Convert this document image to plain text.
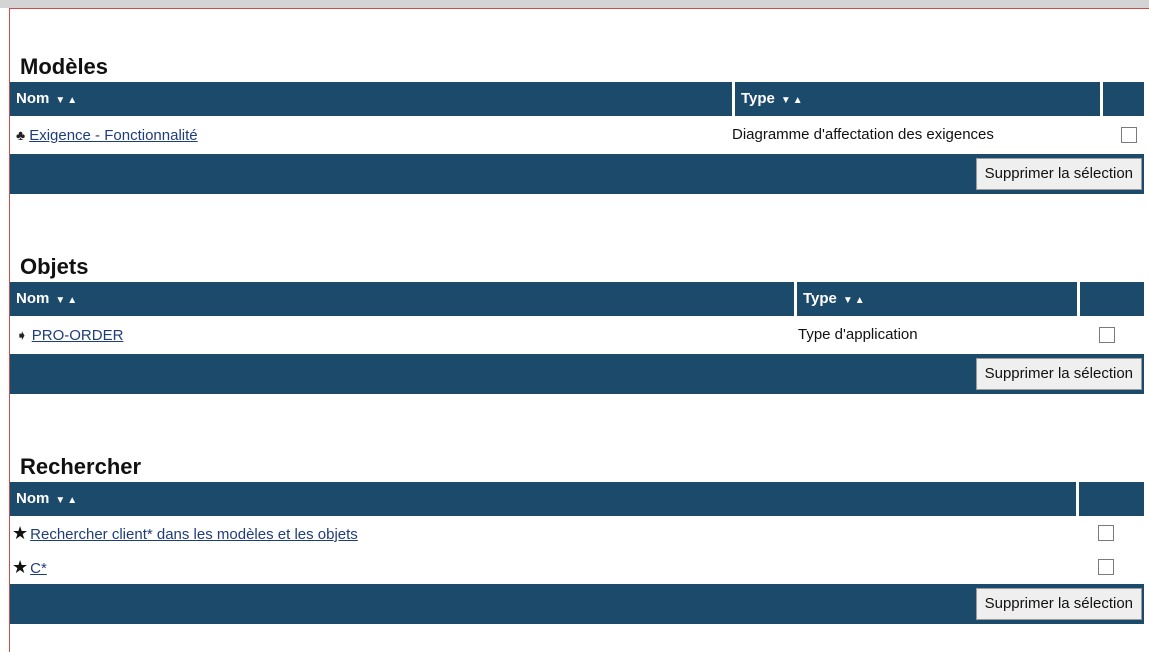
Modèles
Nom ▼▲	Type ▼▲
♣ Exigence - Fonctionnalité	Diagramme d'affectation des exigences
Supprimer la sélection
Objets
Nom ▼▲	Type ▼▲
➧ PRO-ORDER	Type d'application
Supprimer la sélection
Rechercher
Nom ▼▲
★ Rechercher client* dans les modèles et les objets
★ C*
Supprimer la sélection
